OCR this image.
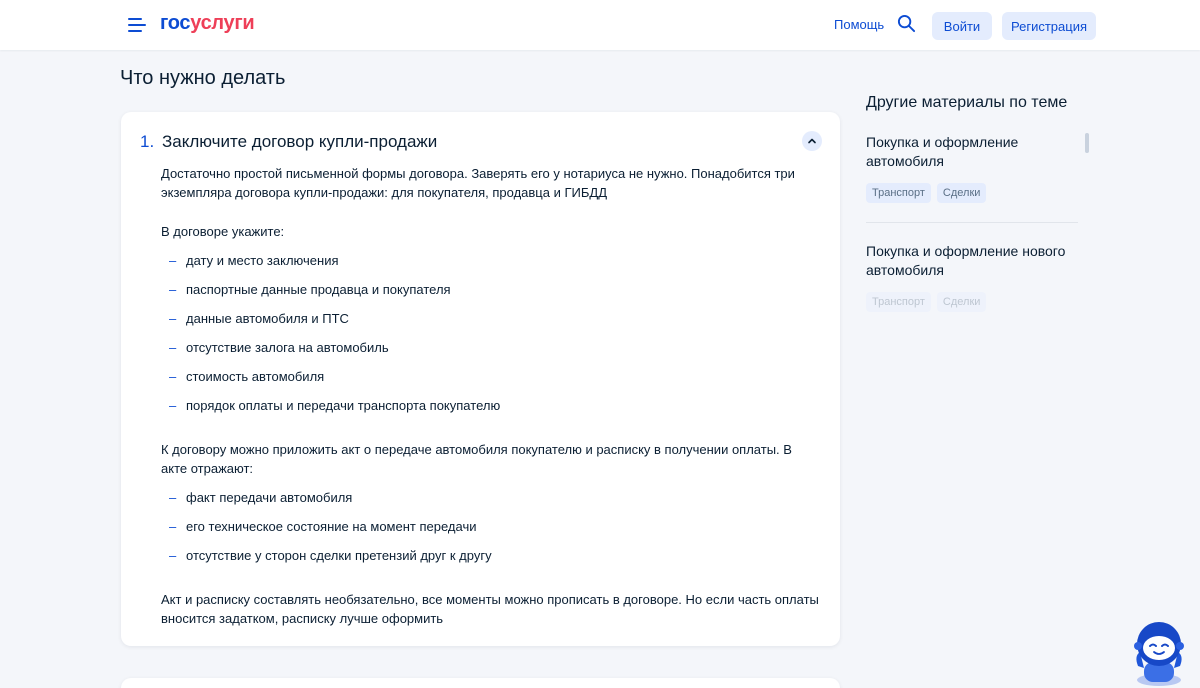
госуслуги	Помощь	Войти	Регистрация
Что нужно делать
1. Заключите договор купли-продажи

Достаточно простой письменной формы договора. Заверять его у нотариуса не нужно. Понадобится три экземпляра договора купли-продажи: для покупателя, продавца и ГИБДД

В договоре укажите:

– дату и место заключения
– паспортные данные продавца и покупателя
– данные автомобиля и ПТС
– отсутствие залога на автомобиль
– стоимость автомобиля
– порядок оплаты и передачи транспорта покупателю

К договору можно приложить акт о передаче автомобиля покупателю и расписку в получении оплаты. В акте отражают:

– факт передачи автомобиля
– его техническое состояние на момент передачи
– отсутствие у сторон сделки претензий друг к другу

Акт и расписку составлять необязательно, все моменты можно прописать в договоре. Но если часть оплаты вносится задатком, расписку лучше оформить

Другие материалы по теме
Покупка и оформление автомобиля
Транспорт	Сделки
Покупка и оформление нового автомобиля
Транспорт	Сделки
